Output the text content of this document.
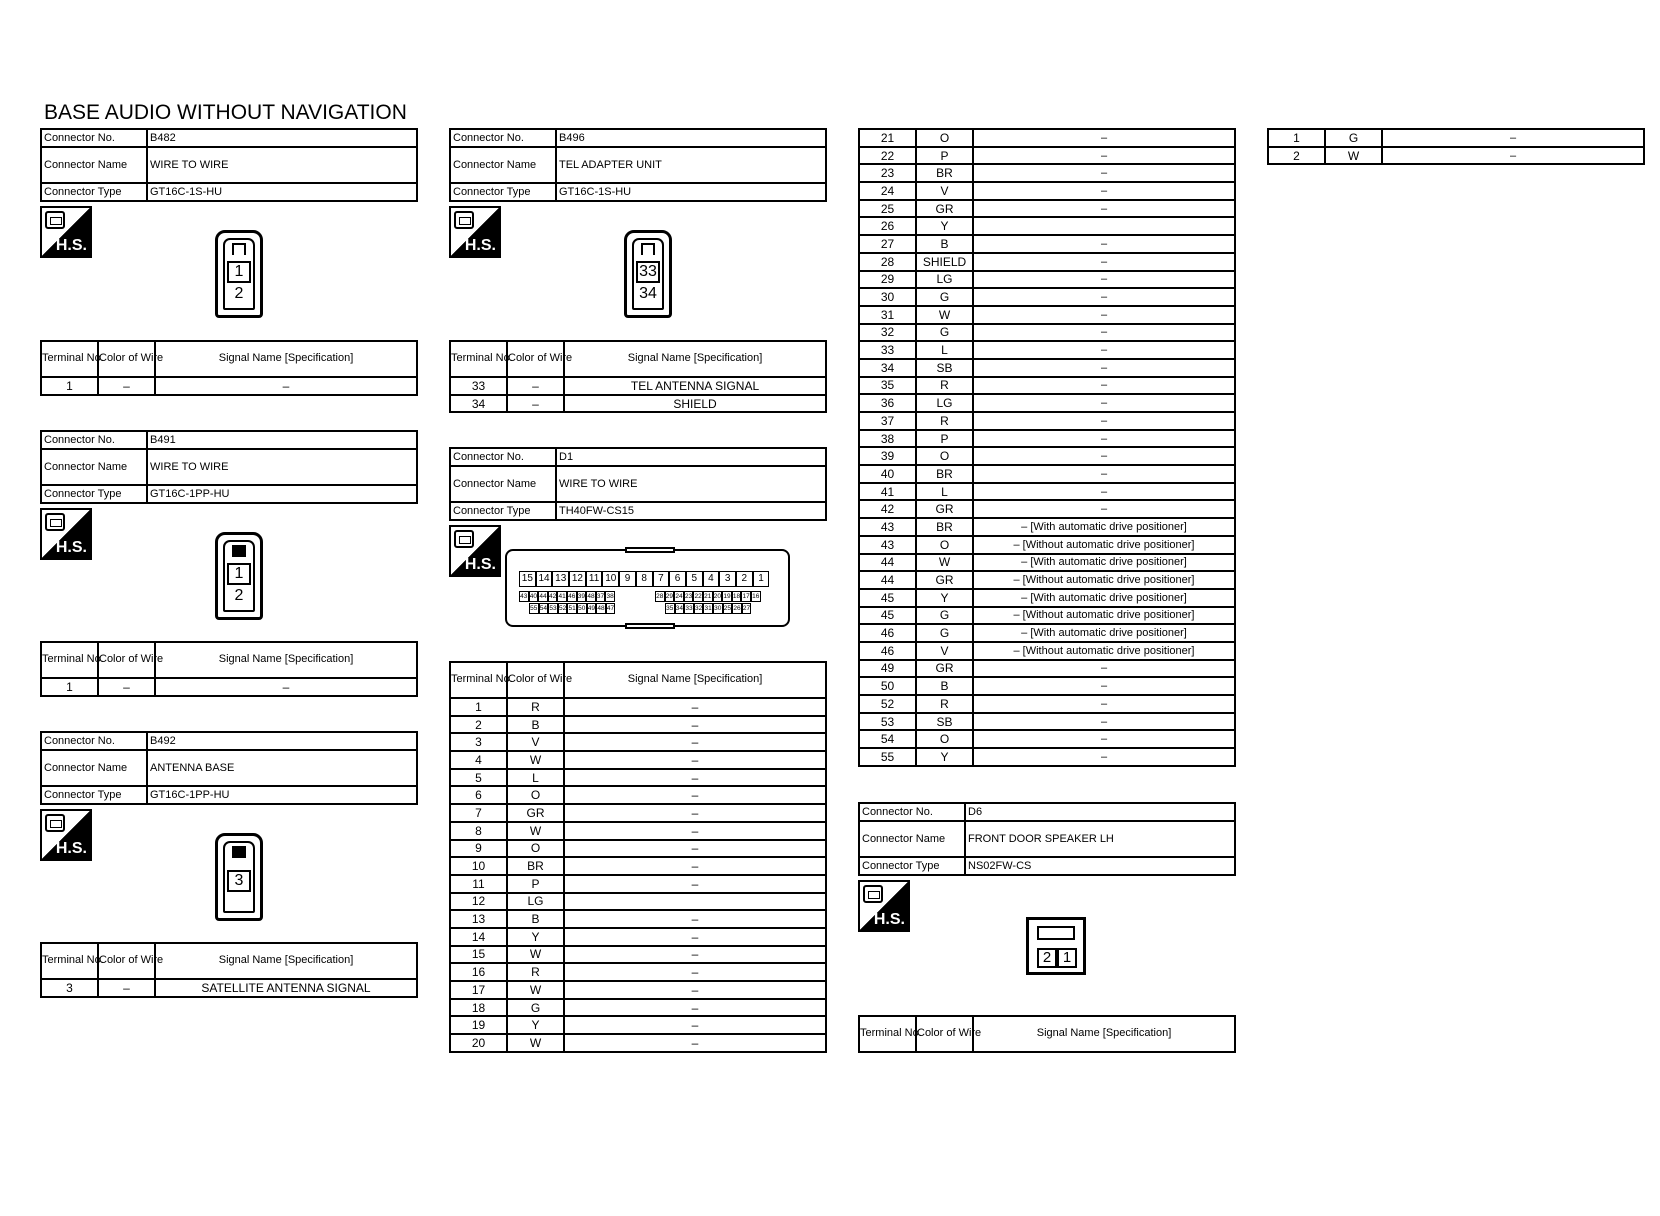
BASE AUDIO WITHOUT NAVIGATION
Connector No.	B482
Connector Name	WIRE TO WIRE
Connector Type	GT16C-1S-HU
H.S.
1
2
Terminal No.	Color of Wire	Signal Name [Specification]
1	–	–
Connector No.	B491
Connector Name	WIRE TO WIRE
Connector Type	GT16C-1PP-HU
H.S.
1
2
Terminal No.	Color of Wire	Signal Name [Specification]
1	–	–
Connector No.	B492
Connector Name	ANTENNA BASE
Connector Type	GT16C-1PP-HU
H.S.
3
Terminal No.	Color of Wire	Signal Name [Specification]
3	–	SATELLITE ANTENNA SIGNAL
Connector No.	B496
Connector Name	TEL ADAPTER UNIT
Connector Type	GT16C-1S-HU
H.S.
33
34
Terminal No.	Color of Wire	Signal Name [Specification]
33	–	TEL ANTENNA SIGNAL
34	–	SHIELD
Connector No.	D1
Connector Name	WIRE TO WIRE
Connector Type	TH40FW-CS15
H.S.
15 14 13 12 11 10 9	8	7	6	5	4	3	2	1
43 40 44 42 41 46 39 48 37 38	28 29 24 23 22 21 20 19 18 17 16
55 54 53 52 51 50 49 48 47	35 34 33 32 31 30 25 26 27
Terminal No.	Color of Wire	Signal Name [Specification]
1	R	–
2	B	–
3	V	–
4	W	–
5	L	–
6	O	–
7	GR	–
8	W	–
9	O	–
10	BR	–
11	P	–
12	LG	
13	B	–
14	Y	–
15	W	–
16	R	–
17	W	–
18	G	–
19	Y	–
20	W	–
21	O	–
22	P	–
23	BR	–
24	V	–
25	GR	–
26	Y	
27	B	–
28	SHIELD	–
29	LG	–
30	G	–
31	W	–
32	G	–
33	L	–
34	SB	–
35	R	–
36	LG	–
37	R	–
38	P	–
39	O	–
40	BR	–
41	L	–
42	GR	–
43	BR	– [With automatic drive positioner]
43	O	– [Without automatic drive positioner]
44	W	– [With automatic drive positioner]
44	GR	– [Without automatic drive positioner]
45	Y	– [With automatic drive positioner]
45	G	– [Without automatic drive positioner]
46	G	– [With automatic drive positioner]
46	V	– [Without automatic drive positioner]
49	GR	–
50	B	–
52	R	–
53	SB	–
54	O	–
55	Y	–
Connector No.	D6
Connector Name	FRONT DOOR SPEAKER LH
Connector Type	NS02FW-CS
H.S.
2 1
Terminal No.	Color of Wire	Signal Name [Specification]
1	G	–
2	W	–
